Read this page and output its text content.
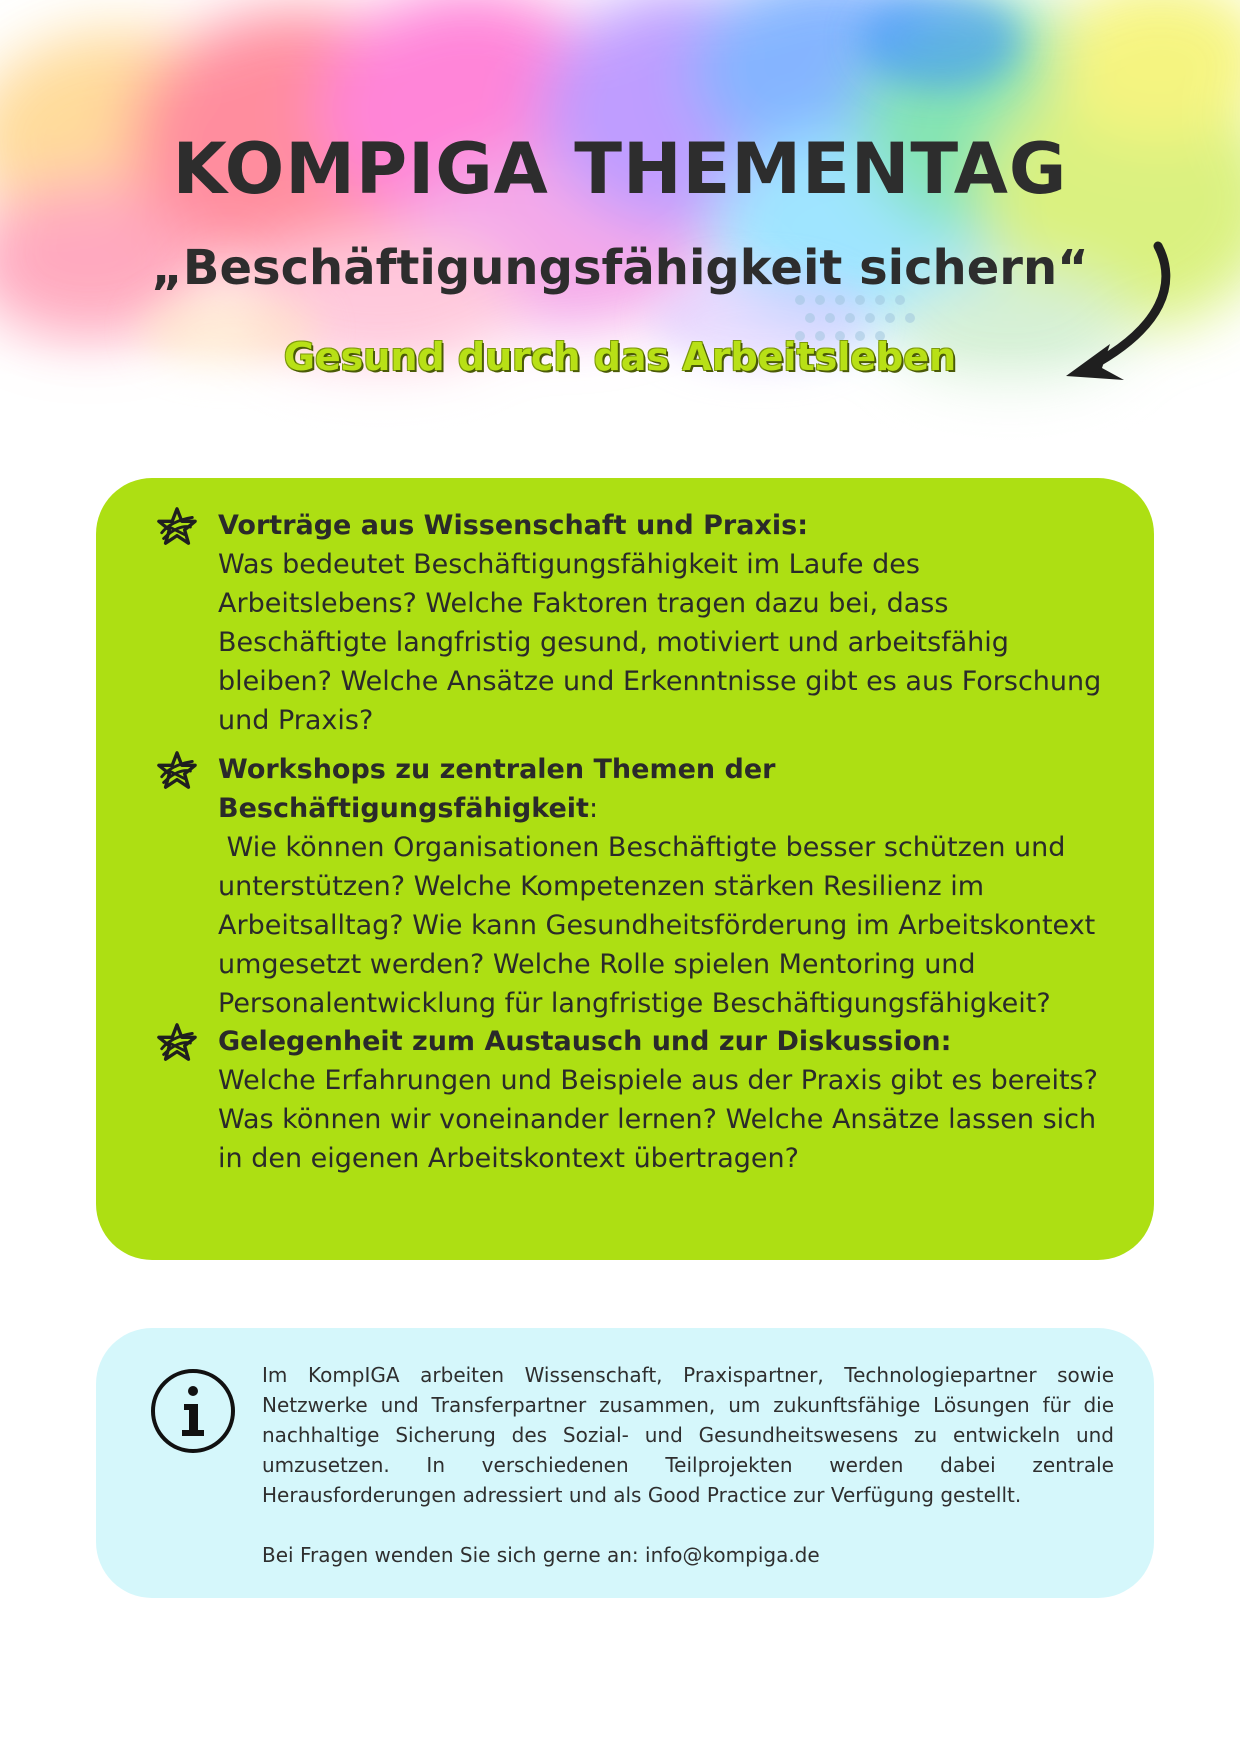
KOMPIGA THEMENTAG
„Beschäftigungsfähigkeit sichern“
Gesund durch das Arbeitsleben

Vorträge aus Wissenschaft und Praxis:

Was bedeutet Beschäftigungsfähigkeit im Laufe des Arbeitslebens? Welche Faktoren tragen dazu bei, dass Beschäftigte langfristig gesund, motiviert und arbeitsfähig bleiben? Welche Ansätze und Erkenntnisse gibt es aus Forschung und Praxis?

Workshops zu zentralen Themen der Beschäftigungsfähigkeit:

Wie können Organisationen Beschäftigte besser schützen und unterstützen? Welche Kompetenzen stärken Resilienz im Arbeitsalltag? Wie kann Gesundheitsförderung im Arbeitskontext umgesetzt werden? Welche Rolle spielen Mentoring und Personalentwicklung für langfristige Beschäftigungsfähigkeit?

Gelegenheit zum Austausch und zur Diskussion:

Welche Erfahrungen und Beispiele aus der Praxis gibt es bereits? Was können wir voneinander lernen? Welche Ansätze lassen sich in den eigenen Arbeitskontext übertragen?

Im KompIGA arbeiten Wissenschaft, Praxispartner, Technologiepartner sowie Netzwerke und Transferpartner zusammen, um zukunftsfähige Lösungen für die nachhaltige Sicherung des Sozial- und Gesundheitswesens zu entwickeln und umzusetzen. In verschiedenen Teilprojekten werden dabei zentrale Herausforderungen adressiert und als Good Practice zur Verfügung gestellt.

Bei Fragen wenden Sie sich gerne an: info@kompiga.de
